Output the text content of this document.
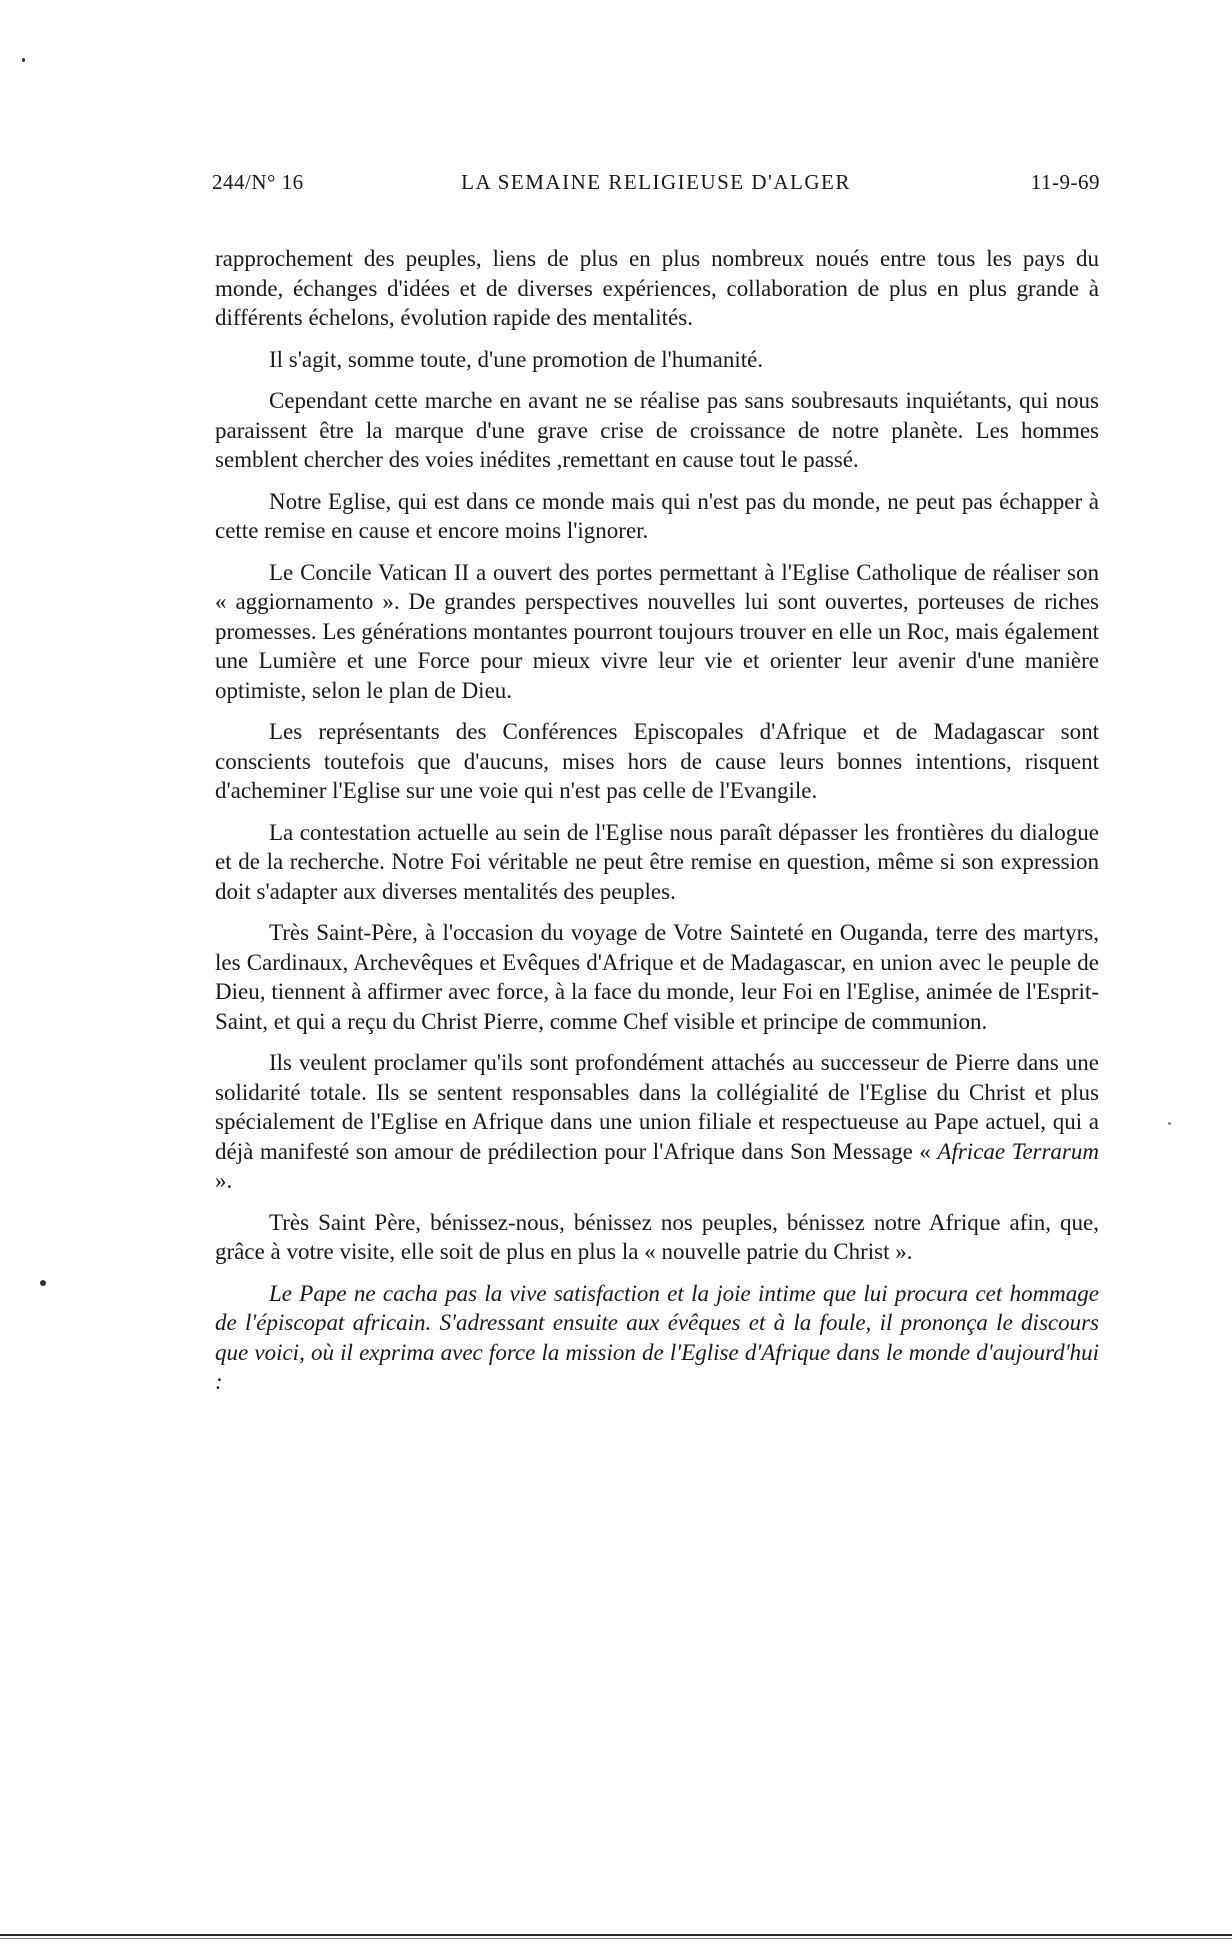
244/N° 16	LA SEMAINE RELIGIEUSE D'ALGER	11-9-69

rapprochement des peuples, liens de plus en plus nombreux noués entre tous les pays du monde, échanges d'idées et de diverses expériences, collaboration de plus en plus grande à différents échelons, évolution rapide des mentalités.

Il s'agit, somme toute, d'une promotion de l'humanité.

Cependant cette marche en avant ne se réalise pas sans soubresauts inquiétants, qui nous paraissent être la marque d'une grave crise de croissance de notre planète. Les hommes semblent chercher des voies inédites ,remettant en cause tout le passé.

Notre Eglise, qui est dans ce monde mais qui n'est pas du monde, ne peut pas échapper à cette remise en cause et encore moins l'ignorer.

Le Concile Vatican II a ouvert des portes permettant à l'Eglise Catholique de réaliser son « aggiornamento ». De grandes perspectives nouvelles lui sont ouvertes, porteuses de riches promesses. Les générations montantes pourront toujours trouver en elle un Roc, mais également une Lumière et une Force pour mieux vivre leur vie et orienter leur avenir d'une manière optimiste, selon le plan de Dieu.

Les représentants des Conférences Episcopales d'Afrique et de Madagascar sont conscients toutefois que d'aucuns, mises hors de cause leurs bonnes intentions, risquent d'acheminer l'Eglise sur une voie qui n'est pas celle de l'Evangile.

La contestation actuelle au sein de l'Eglise nous paraît dépasser les frontières du dialogue et de la recherche. Notre Foi véritable ne peut être remise en question, même si son expression doit s'adapter aux diverses mentalités des peuples.

Très Saint-Père, à l'occasion du voyage de Votre Sainteté en Ouganda, terre des martyrs, les Cardinaux, Archevêques et Evêques d'Afrique et de Madagascar, en union avec le peuple de Dieu, tiennent à affirmer avec force, à la face du monde, leur Foi en l'Eglise, animée de l'Esprit-Saint, et qui a reçu du Christ Pierre, comme Chef visible et principe de communion.

Ils veulent proclamer qu'ils sont profondément attachés au successeur de Pierre dans une solidarité totale. Ils se sentent responsables dans la collégialité de l'Eglise du Christ et plus spécialement de l'Eglise en Afrique dans une union filiale et respectueuse au Pape actuel, qui a déjà manifesté son amour de prédilection pour l'Afrique dans Son Message « Africae Terrarum ».

Très Saint Père, bénissez-nous, bénissez nos peuples, bénissez notre Afrique afin, que, grâce à votre visite, elle soit de plus en plus la « nouvelle patrie du Christ ».

Le Pape ne cacha pas la vive satisfaction et la joie intime que lui procura cet hommage de l'épiscopat africain. S'adressant ensuite aux évêques et à la foule, il prononça le discours que voici, où il exprima avec force la mission de l'Eglise d'Afrique dans le monde d'aujourd'hui :
